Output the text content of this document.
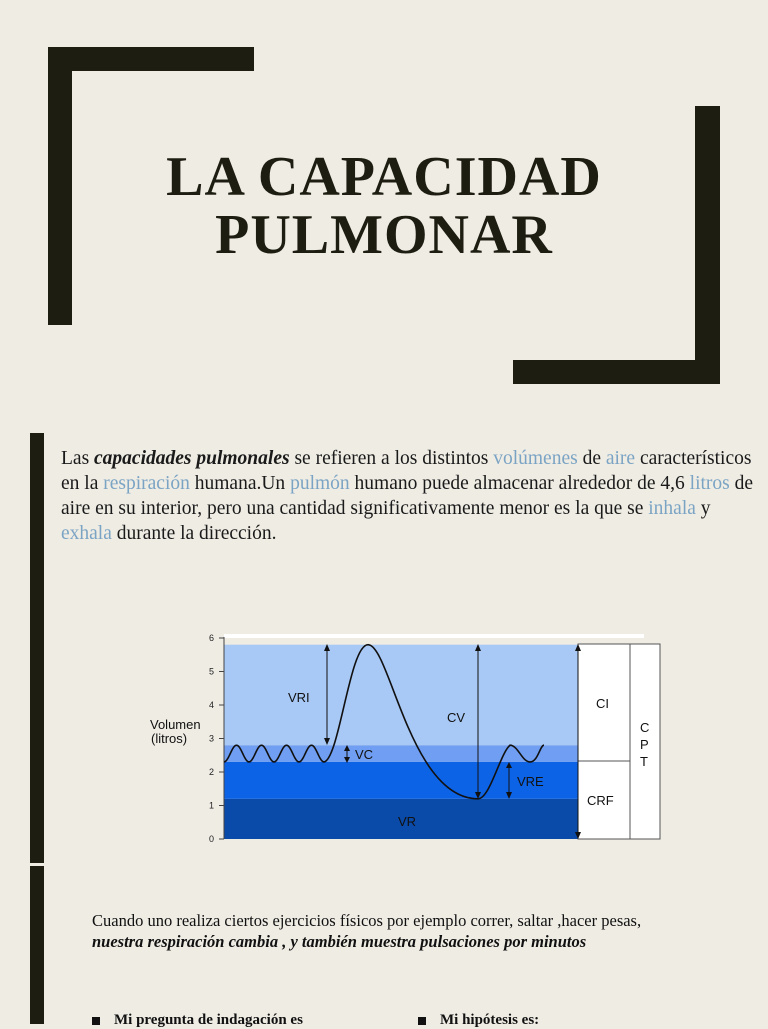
LA CAPACIDAD
PULMONAR
Las capacidades pulmonales se refieren a los distintos volúmenes de aire característicos en la respiración humana.Un pulmón humano puede almacenar alrededor de 4,6 litros de aire en su interior, pero una cantidad significativamente menor es la que se inhala y exhala durante la dirección.
0
1
2
3
4
5
6
Volumen
(litros)
VRI
VC
CV
VRE
VR
CI
CRF
C
P
T
Cuando uno realiza ciertos ejercicios físicos por ejemplo correr, saltar ,hacer pesas, nuestra respiración cambia , y también muestra pulsaciones por minutos
Mi pregunta de indagación es	Mi hipótesis es:
